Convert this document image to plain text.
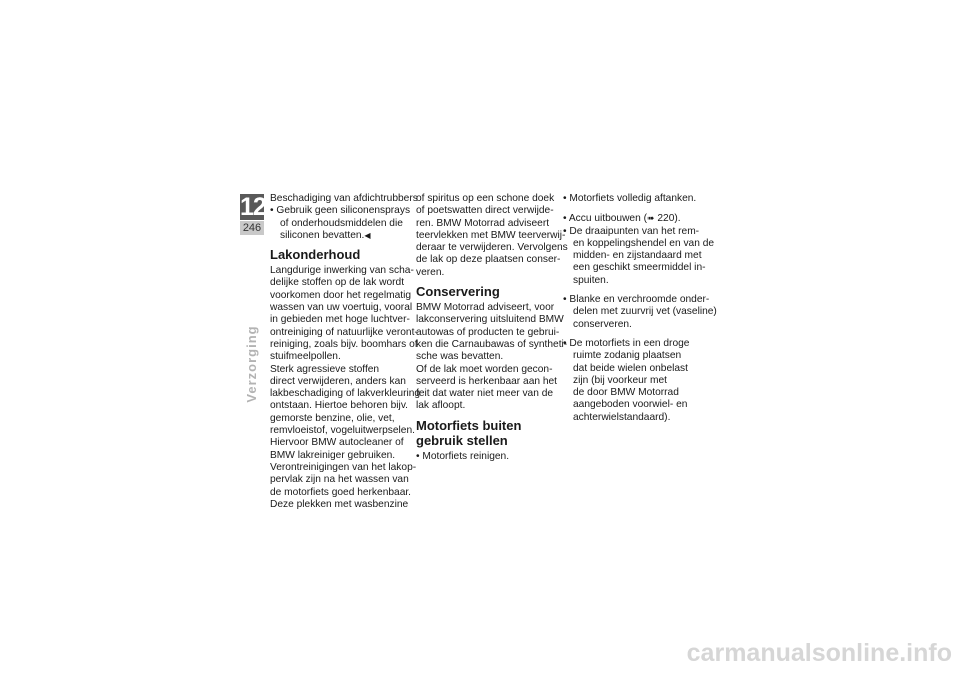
12
246
Verzorging
Beschadiging van afdichtrubbers
• Gebruik geen siliconensprays
of onderhoudsmiddelen die
siliconen bevatten.◀
Lakonderhoud
Langdurige inwerking van scha-
delijke stoffen op de lak wordt
voorkomen door het regelmatig
wassen van uw voertuig, vooral
in gebieden met hoge luchtver-
ontreiniging of natuurlijke veront-
reiniging, zoals bijv. boomhars of
stuifmeelpollen.
Sterk agressieve stoffen
direct verwijderen, anders kan
lakbeschadiging of lakverkleuring
ontstaan. Hiertoe behoren bijv.
gemorste benzine, olie, vet,
remvloeistof, vogeluitwerpselen.
Hiervoor BMW autocleaner of
BMW lakreiniger gebruiken.
Verontreinigingen van het lakop-
pervlak zijn na het wassen van
de motorfiets goed herkenbaar.
Deze plekken met wasbenzine
of spiritus op een schone doek
of poetswatten direct verwijde-
ren. BMW Motorrad adviseert
teervlekken met BMW teerverwij-
deraar te verwijderen. Vervolgens
de lak op deze plaatsen conser-
veren.
Conservering
BMW Motorrad adviseert, voor
lakconservering uitsluitend BMW
autowas of producten te gebrui-
ken die Carnaubawas of syntheti-
sche was bevatten.
Of de lak moet worden gecon-
serveerd is herkenbaar aan het
feit dat water niet meer van de
lak afloopt.
Motorfiets buiten
gebruik stellen
• Motorfiets reinigen.
• Motorfiets volledig aftanken.
• Accu uitbouwen (➠ 220).
• De draaipunten van het rem-
en koppelingshendel en van de
midden- en zijstandaard met
een geschikt smeermiddel in-
spuiten.
• Blanke en verchroomde onder-
delen met zuurvrij vet (vaseline)
conserveren.
• De motorfiets in een droge
ruimte zodanig plaatsen
dat beide wielen onbelast
zijn (bij voorkeur met
de door BMW Motorrad
aangeboden voorwiel- en
achterwielstandaard).
carmanualsonline.info
